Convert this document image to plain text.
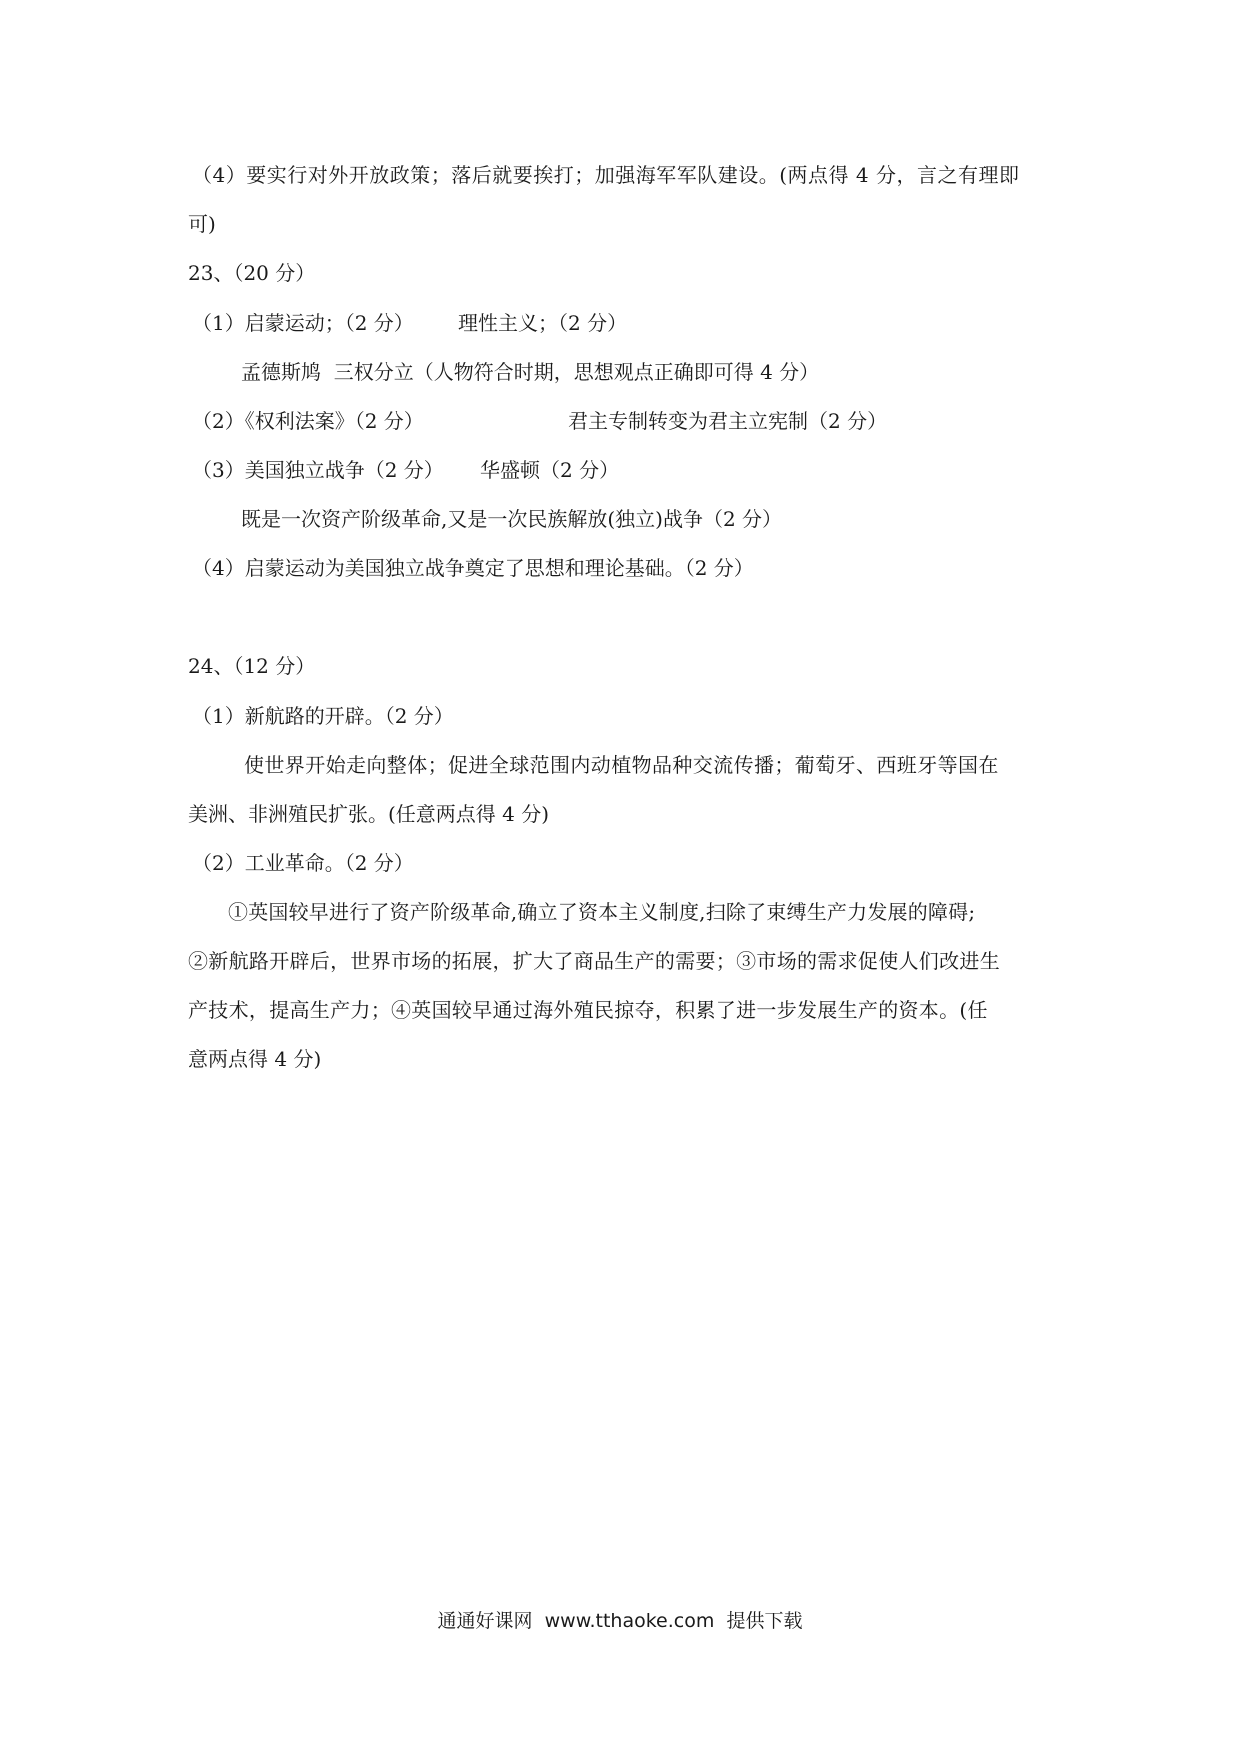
（4）要实行对外开放政策；落后就要挨打；加强海军军队建设。(两点得 4 分，言之有理即
可)
23、（20 分）
（1）启蒙运动；（2 分） 理性主义；（2 分）
孟德斯鸠  三权分立（人物符合时期，思想观点正确即可得 4 分）
（2）《权利法案》（2 分）	君主专制转变为君主立宪制（2 分）
（3）美国独立战争（2 分） 华盛顿（2 分）
既是一次资产阶级革命,又是一次民族解放(独立)战争（2 分）
（4）启蒙运动为美国独立战争奠定了思想和理论基础。（2 分）
24、（12 分）
（1）新航路的开辟。（2 分）
使世界开始走向整体；促进全球范围内动植物品种交流传播；葡萄牙、西班牙等国在
美洲、非洲殖民扩张。(任意两点得 4 分)
（2）工业革命。（2 分）
①英国较早进行了资产阶级革命,确立了资本主义制度,扫除了束缚生产力发展的障碍;
②新航路开辟后，世界市场的拓展，扩大了商品生产的需要；③市场的需求促使人们改进生
产技术，提高生产力；④英国较早通过海外殖民掠夺，积累了进一步发展生产的资本。(任
意两点得 4 分)
通通好课网  www.tthaoke.com  提供下载
